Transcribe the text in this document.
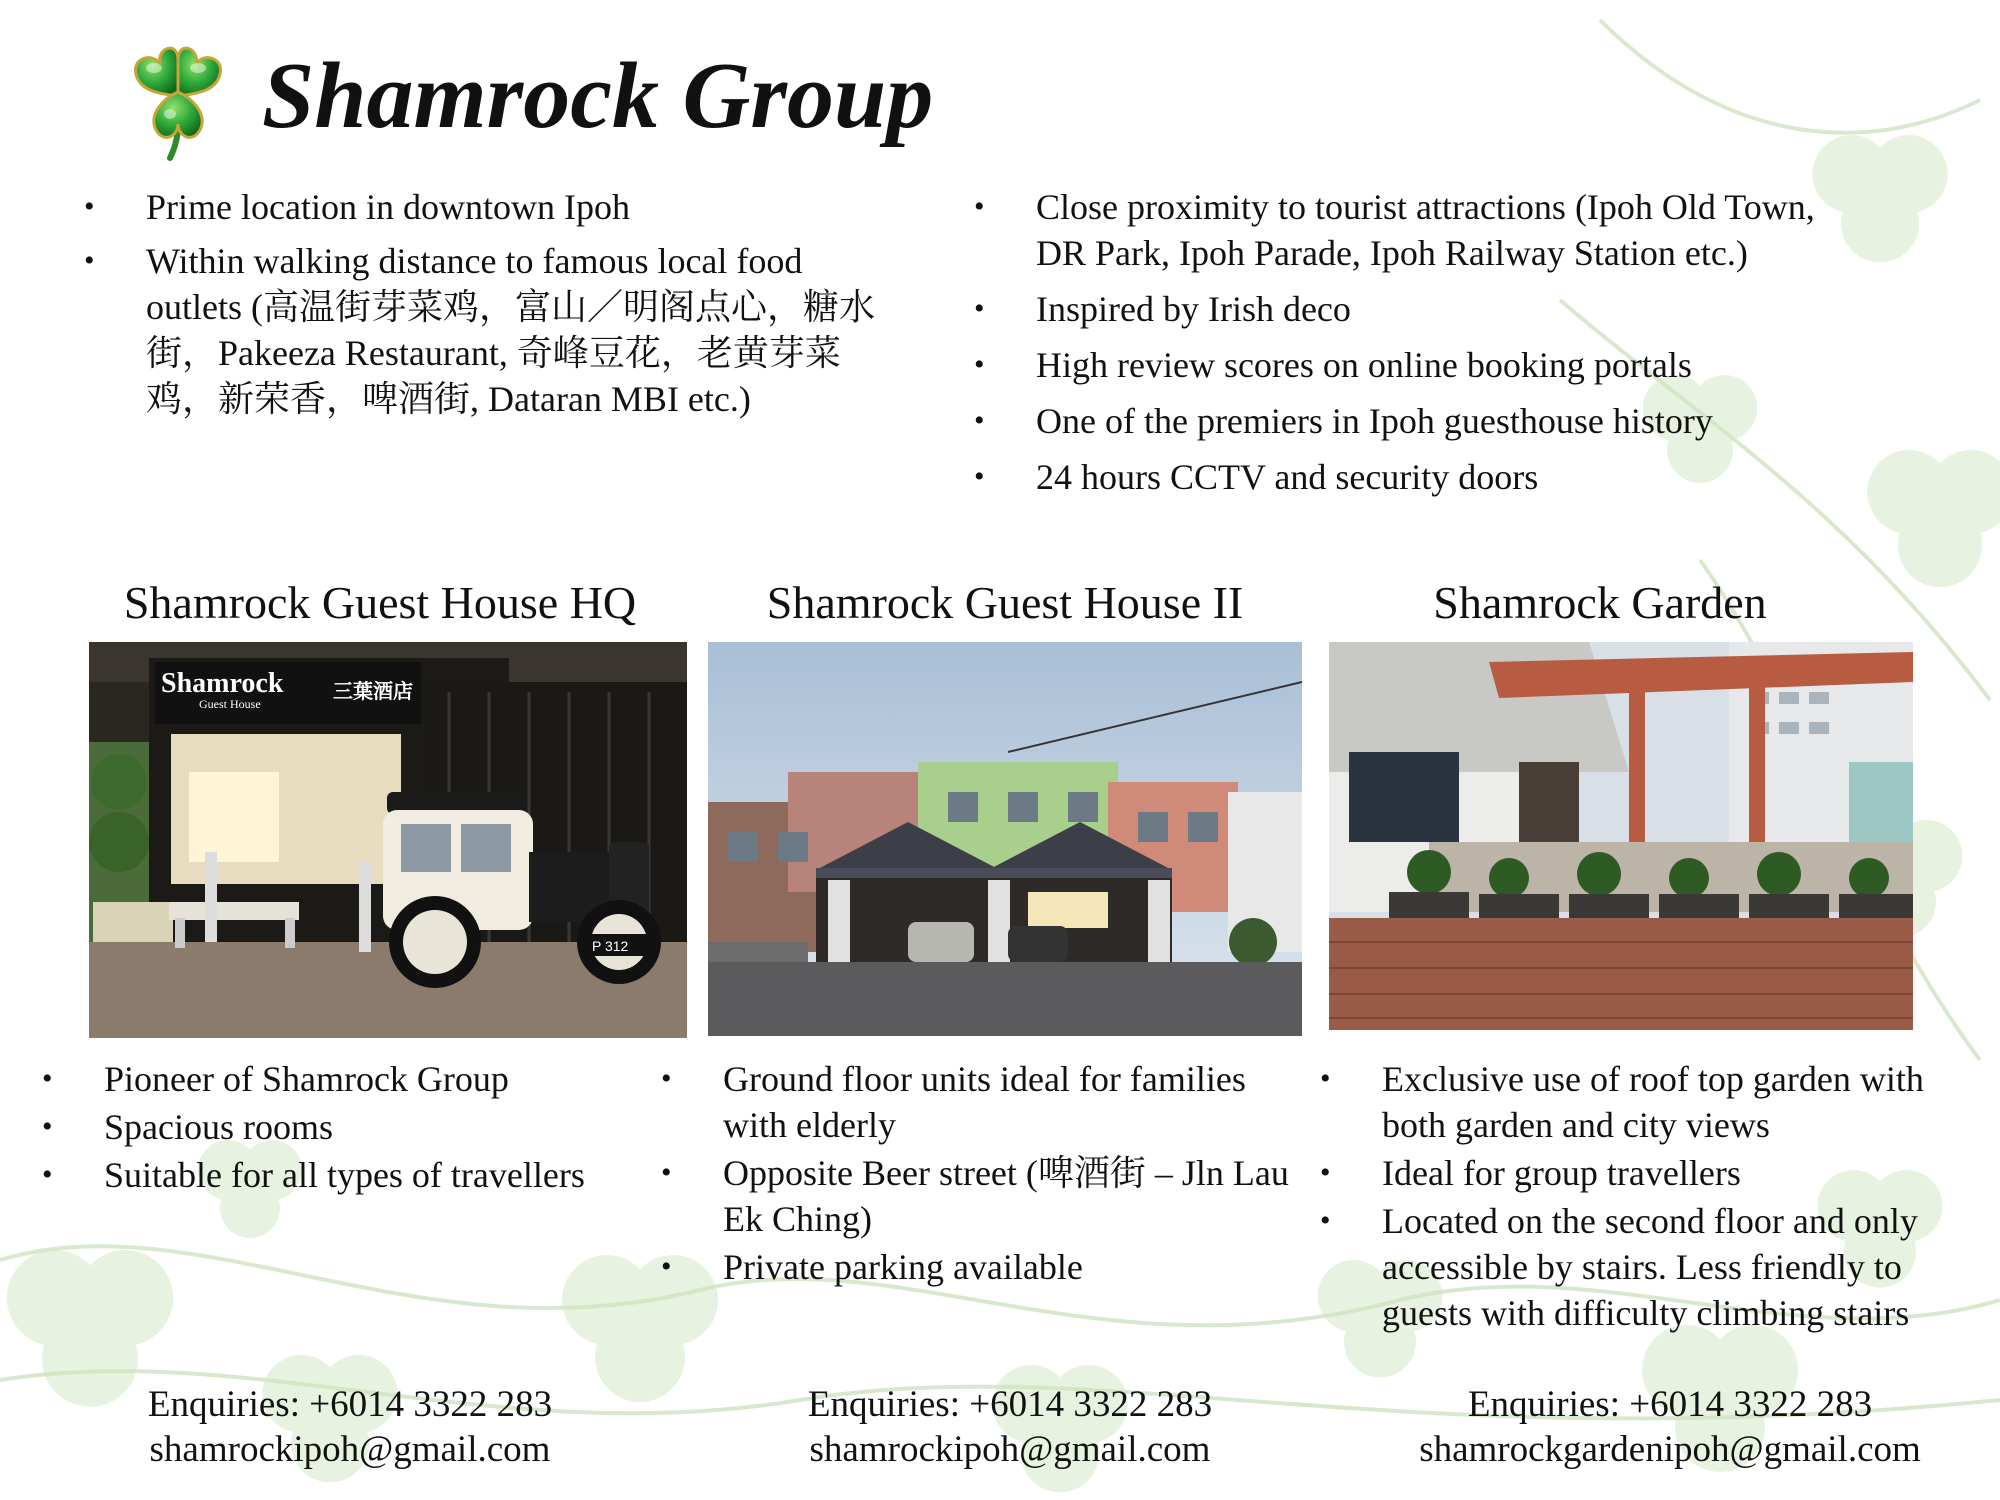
Shamrock Group
• Prime location in downtown Ipoh
• Within walking distance to famous local food outlets (高温街芽菜鸡，富山／明阁点心，糖水街，Pakeeza Restaurant, 奇峰豆花，老黄芽菜鸡，新荣香，啤酒街, Dataran MBI etc.)
• Close proximity to tourist attractions (Ipoh Old Town, DR Park, Ipoh Parade, Ipoh Railway Station etc.)
• Inspired by Irish deco
• High review scores on online booking portals
• One of the premiers in Ipoh guesthouse history
• 24 hours CCTV and security doors
Shamrock Guest House HQ
Shamrock
Guest House
三葉酒店
P 312
• Pioneer of Shamrock Group
• Spacious rooms
• Suitable for all types of travellers
Enquiries: +6014 3322 283
shamrockipoh@gmail.com
Shamrock Guest House II
• Ground floor units ideal for families with elderly
• Opposite Beer street (啤酒街 – Jln Lau Ek Ching)
• Private parking available
Enquiries: +6014 3322 283
shamrockipoh@gmail.com
Shamrock Garden
• Exclusive use of roof top garden with both garden and city views
• Ideal for group travellers
• Located on the second floor and only accessible by stairs. Less friendly to guests with difficulty climbing stairs
Enquiries: +6014 3322 283
shamrockgardenipoh@gmail.com
